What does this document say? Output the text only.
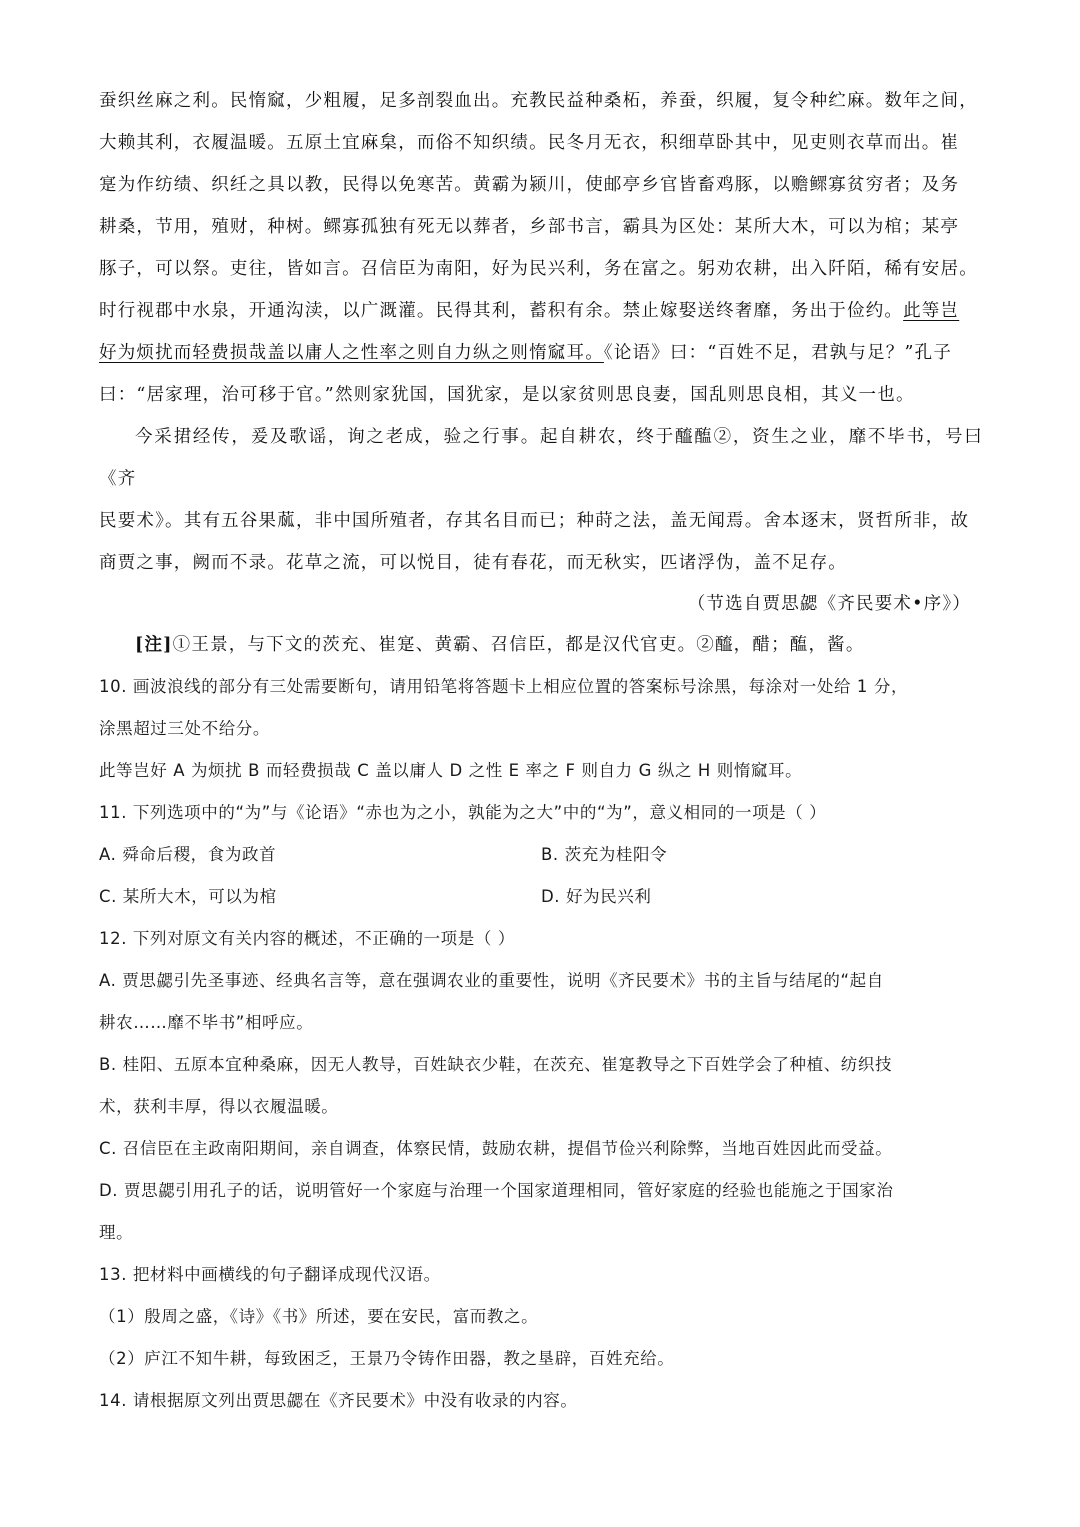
蚕织丝麻之利。民惰窳，少粗履，足多剖裂血出。充教民益种桑柘，养蚕，织履，复令种纻麻。数年之间，
大赖其利，衣履温暖。五原土宜麻枲，而俗不知织绩。民冬月无衣，积细草卧其中，见吏则衣草而出。崔
寔为作纺绩、织纴之具以教，民得以免寒苦。黄霸为颍川，使邮亭乡官皆畜鸡豚，以赡鳏寡贫穷者；及务
耕桑，节用，殖财，种树。鳏寡孤独有死无以葬者，乡部书言，霸具为区处：某所大木，可以为棺；某亭
豚子，可以祭。吏往，皆如言。召信臣为南阳，好为民兴利，务在富之。躬劝农耕，出入阡陌，稀有安居。
时行视郡中水泉，开通沟渎，以广溉灌。民得其利，蓄积有余。禁止嫁娶送终奢靡，务出于俭约。此等岂
好为烦扰而轻费损哉盖以庸人之性率之则自力纵之则惰窳耳。《论语》曰：“百姓不足，君孰与足？”孔子
曰：“居家理，治可移于官。”然则家犹国，国犹家，是以家贫则思良妻，国乱则思良相，其义一也。

今采捃经传，爰及歌谣，询之老成，验之行事。起自耕农，终于醯醢②，资生之业，靡不毕书，号曰《齐
民要术》。其有五谷果蓏，非中国所殖者，存其名目而已；种莳之法，盖无闻焉。舍本逐末，贤哲所非，故
商贾之事，阙而不录。花草之流，可以悦目，徒有春花，而无秋实，匹诸浮伪，盖不足存。

（节选自贾思勰《齐民要术•序》）

[注]①王景，与下文的茨充、崔寔、黄霸、召信臣，都是汉代官吏。②醯，醋；醢，酱。

10. 画波浪线的部分有三处需要断句，请用铅笔将答题卡上相应位置的答案标号涂黑，每涂对一处给 1 分，
涂黑超过三处不给分。

此等岂好 A 为烦扰 B 而轻费损哉 C 盖以庸人 D 之性 E 率之 F 则自力 G 纵之 H 则惰窳耳。

11. 下列选项中的“为”与《论语》“赤也为之小，孰能为之大”中的“为”，意义相同的一项是（ ）

A. 舜命后稷，食为政首	B. 茨充为桂阳令
C. 某所大木，可以为棺	D. 好为民兴利

12. 下列对原文有关内容的概述，不正确的一项是（ ）

A. 贾思勰引先圣事迹、经典名言等，意在强调农业的重要性，说明《齐民要术》书的主旨与结尾的“起自
耕农……靡不毕书”相呼应。

B. 桂阳、五原本宜种桑麻，因无人教导，百姓缺衣少鞋，在茨充、崔寔教导之下百姓学会了种植、纺织技
术，获利丰厚，得以衣履温暖。

C. 召信臣在主政南阳期间，亲自调查，体察民情，鼓励农耕，提倡节俭兴利除弊，当地百姓因此而受益。

D. 贾思勰引用孔子的话，说明管好一个家庭与治理一个国家道理相同，管好家庭的经验也能施之于国家治
理。

13. 把材料中画横线的句子翻译成现代汉语。

（1）殷周之盛，《诗》《书》所述，要在安民，富而教之。

（2）庐江不知牛耕，每致困乏，王景乃令铸作田器，教之垦辟，百姓充给。

14. 请根据原文列出贾思勰在《齐民要术》中没有收录的内容。
